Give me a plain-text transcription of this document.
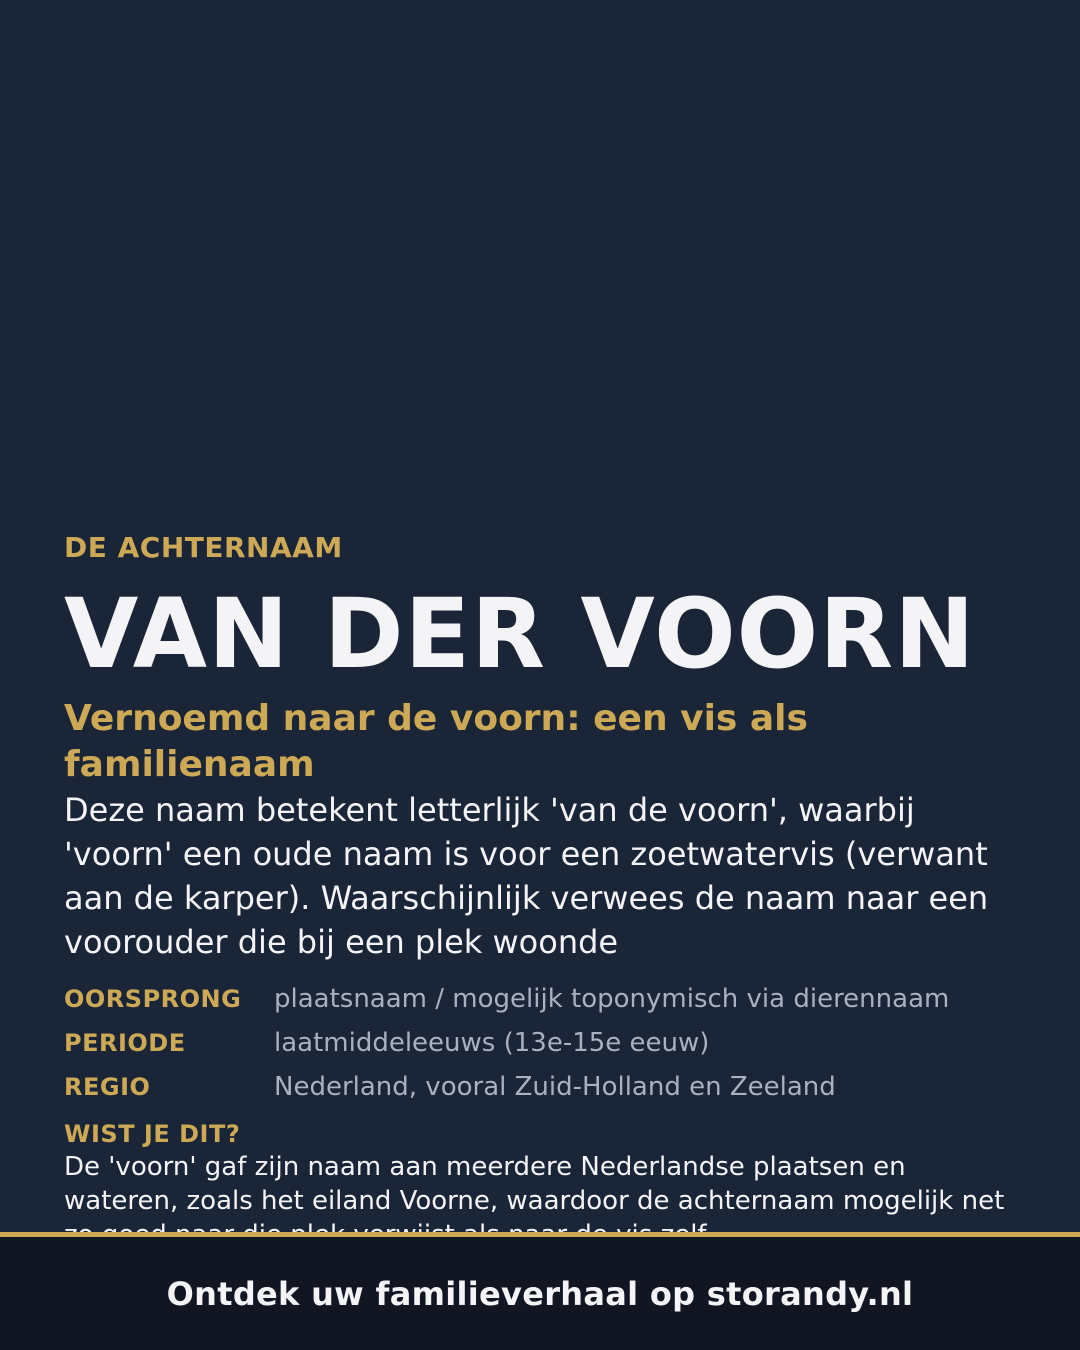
DE ACHTERNAAM

VAN DER VOORN
Vernoemd naar de voorn: een vis als familienaam

Deze naam betekent letterlijk 'van de voorn', waarbij 'voorn' een oude naam is voor een zoetwatervis (verwant aan de karper). Waarschijnlijk verwees de naam naar een voorouder die bij een plek woonde

OORSPRONG	plaatsnaam / mogelijk toponymisch via dierennaam
PERIODE	laatmiddeleeuws (13e-15e eeuw)
REGIO	Nederland, vooral Zuid-Holland en Zeeland

WIST JE DIT?

De 'voorn' gaf zijn naam aan meerdere Nederlandse plaatsen en wateren, zoals het eiland Voorne, waardoor de achternaam mogelijk net

Ontdek uw familieverhaal op storandy.nl
